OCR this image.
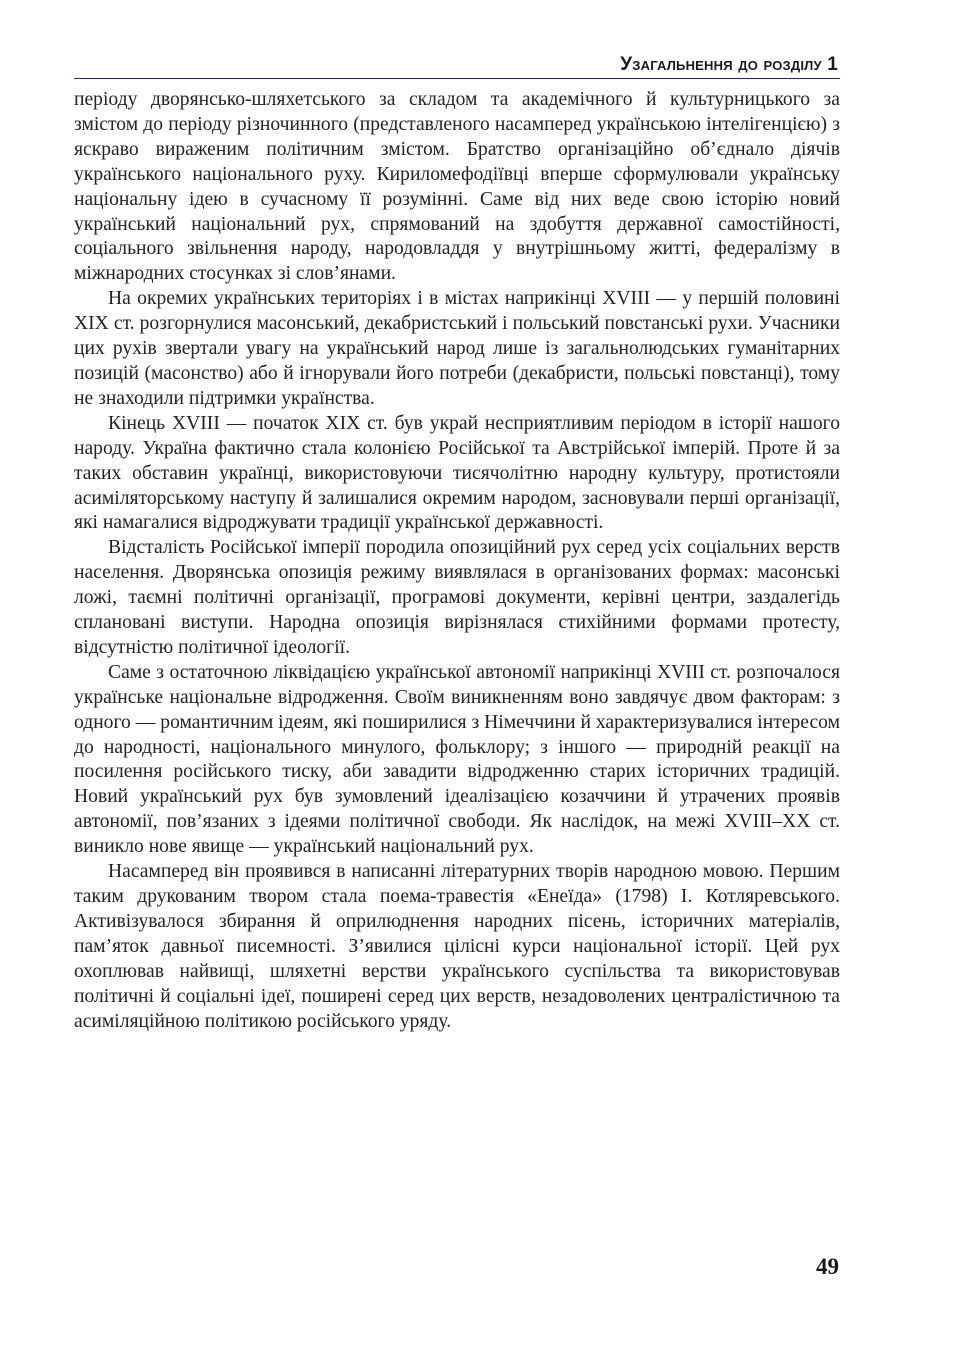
Узагальнення до розділу 1

періоду дворянсько-шляхетського за складом та академічного й культурницького за змістом до періоду різночинного (представленого насамперед українською інтелігенцією) з яскраво вираженим політичним змістом. Братство організаційно об’єднало діячів українського національного руху. Кириломефодіївці вперше сформулювали українську національну ідею в сучасному її розумінні. Саме від них веде свою історію новий український національний рух, спрямований на здобуття державної самостійності, соціального звільнення народу, народовладдя у внутрішньому житті, федералізму в міжнародних стосунках зі слов’янами.

На окремих українських територіях і в містах наприкінці XVIII — у першій половині XIX ст. розгорнулися масонський, декабристський і польський повстанські рухи. Учасники цих рухів звертали увагу на український народ лише із загальнолюдських гуманітарних позицій (масонство) або й ігнорували його потреби (декабристи, польські повстанці), тому не знаходили підтримки українства.

Кінець XVIII — початок XIX ст. був украй несприятливим періодом в історії нашого народу. Україна фактично стала колонією Російської та Австрійської імперій. Проте й за таких обставин українці, використовуючи тисячолітню народну культуру, протистояли асиміляторському наступу й залишалися окремим народом, засновували перші організації, які намагалися відроджувати традиції української державності.

Відсталість Російської імперії породила опозиційний рух серед усіх соціальних верств населення. Дворянська опозиція режиму виявлялася в організованих формах: масонські ложі, таємні політичні організації, програмові документи, керівні центри, заздалегідь сплановані виступи. Народна опозиція вирізнялася стихійними формами протесту, відсутністю політичної ідеології.

Саме з остаточною ліквідацією української автономії наприкінці XVIII ст. розпочалося українське національне відродження. Своїм виникненням воно завдячує двом факторам: з одного — романтичним ідеям, які поширилися з Німеччини й характеризувалися інтересом до народності, національного минулого, фольклору; з іншого — природній реакції на посилення російського тиску, аби завадити відродженню старих історичних традицій. Новий український рух був зумовлений ідеалізацією козаччини й утрачених проявів автономії, пов’язаних з ідеями політичної свободи. Як наслідок, на межі XVIII–XX ст. виникло нове явище — український національний рух.

Насамперед він проявився в написанні літературних творів народною мовою. Першим таким друкованим твором стала поема-травестія «Енеїда» (1798) І. Котляревського. Активізувалося збирання й оприлюднення народних пісень, історичних матеріалів, пам’яток давньої писемності. З’явилися цілісні курси національної історії. Цей рух охоплював найвищі, шляхетні верстви українського суспільства та використовував політичні й соціальні ідеї, поширені серед цих верств, незадоволених централістичною та асиміляційною політикою російського уряду.

49
